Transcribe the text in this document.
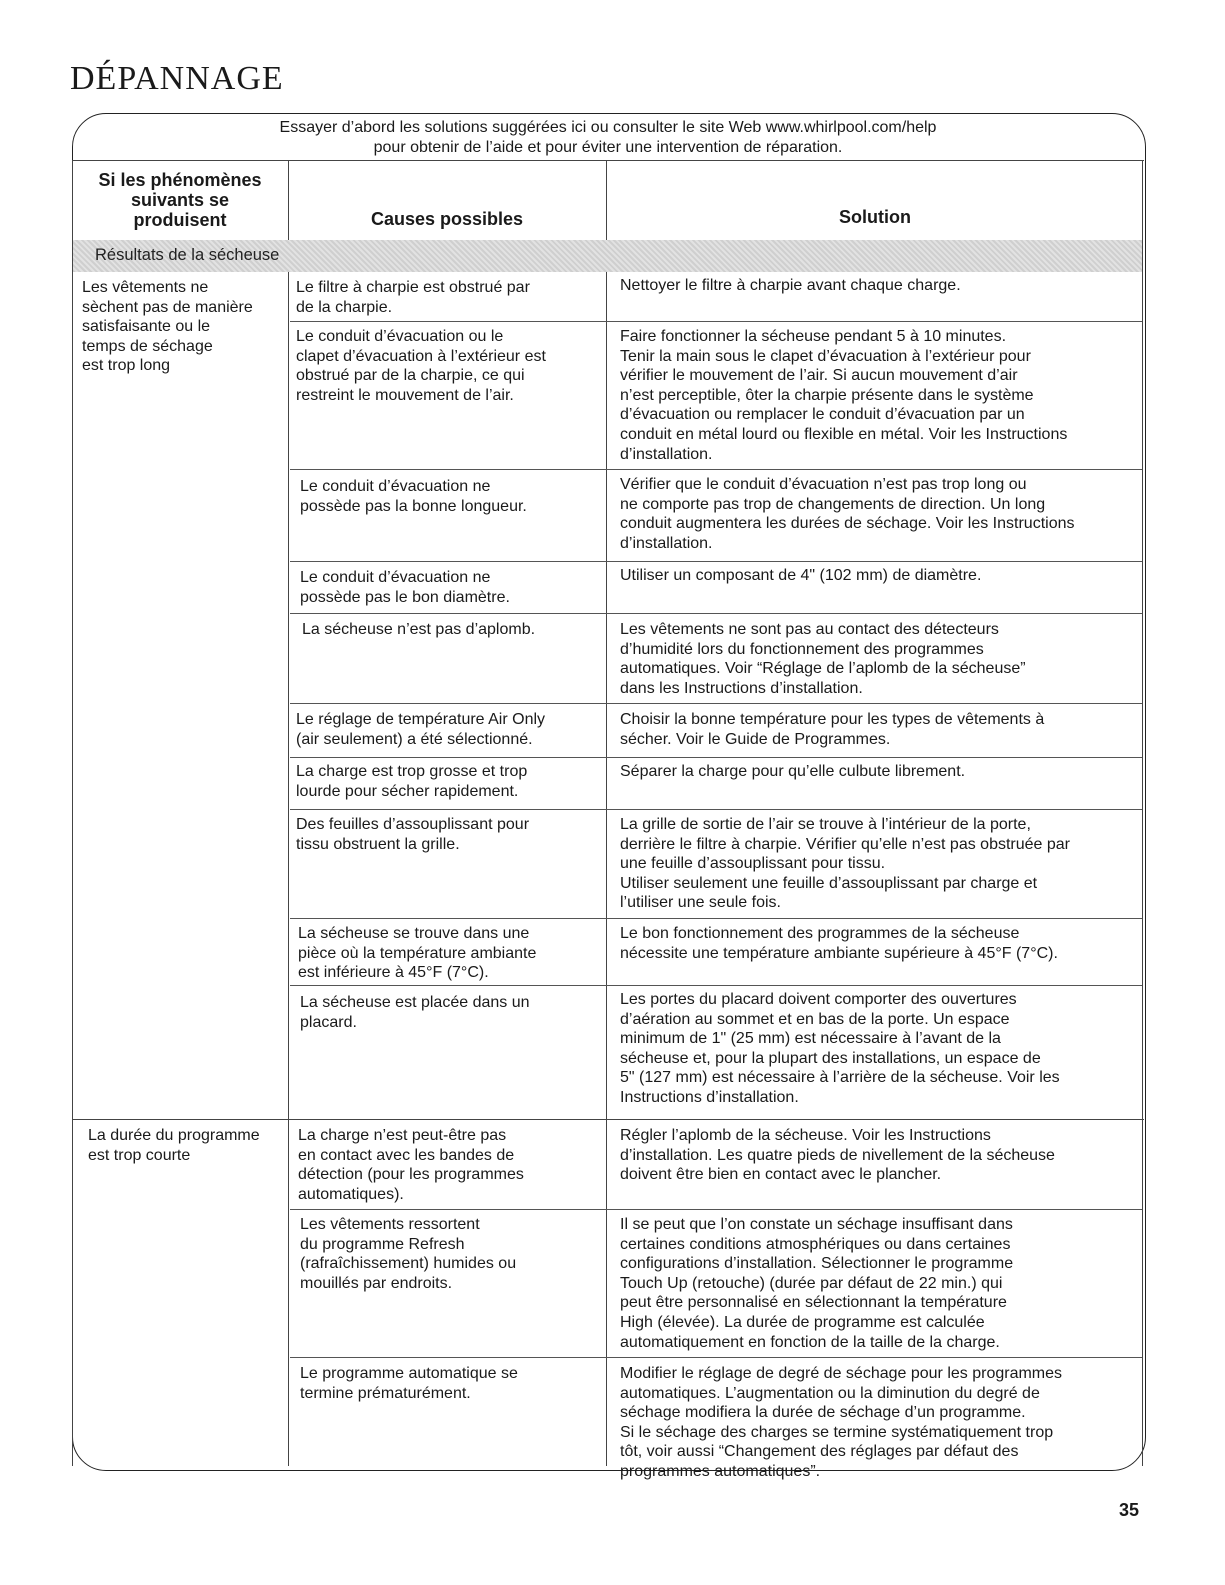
DÉPANNAGE

Essayer d’abord les solutions suggérées ici ou consulter le site Web www.whirlpool.com/help

pour obtenir de l’aide et pour éviter une intervention de réparation.

Si les phénomènes
suivants se
produisent	Causes possibles	Solution
Résultats de la sécheuse
Les vêtements ne
sèchent pas de manière
satisfaisante ou le
temps de séchage
est trop long
La durée du programme
est trop courte
Le filtre à charpie est obstrué par
de la charpie.
Le conduit d’évacuation ou le
clapet d’évacuation à l’extérieur est
obstrué par de la charpie, ce qui
restreint le mouvement de l’air.
Le conduit d’évacuation ne
possède pas la bonne longueur.
Le conduit d’évacuation ne
possède pas le bon diamètre.
La sécheuse n’est pas d’aplomb.
Le réglage de température Air Only
(air seulement) a été sélectionné.
La charge est trop grosse et trop
lourde pour sécher rapidement.
Des feuilles d’assouplissant pour
tissu obstruent la grille.
La sécheuse se trouve dans une
pièce où la température ambiante
est inférieure à 45°F (7°C).
La sécheuse est placée dans un
placard.
La charge n’est peut-être pas
en contact avec les bandes de
détection (pour les programmes
automatiques).
Les vêtements ressortent
du programme Refresh
(rafraîchissement) humides ou
mouillés par endroits.
Le programme automatique se
termine prématurément.
Nettoyer le filtre à charpie avant chaque charge.
Faire fonctionner la sécheuse pendant 5 à 10 minutes.
Tenir la main sous le clapet d’évacuation à l’extérieur pour
vérifier le mouvement de l’air. Si aucun mouvement d’air
n’est perceptible, ôter la charpie présente dans le système
d’évacuation ou remplacer le conduit d’évacuation par un
conduit en métal lourd ou flexible en métal. Voir les Instructions
d’installation.
Vérifier que le conduit d’évacuation n’est pas trop long ou
ne comporte pas trop de changements de direction. Un long
conduit augmentera les durées de séchage. Voir les Instructions
d’installation.
Utiliser un composant de 4" (102 mm) de diamètre.
Les vêtements ne sont pas au contact des détecteurs
d’humidité lors du fonctionnement des programmes
automatiques. Voir “Réglage de l’aplomb de la sécheuse”
dans les Instructions d’installation.
Choisir la bonne température pour les types de vêtements à
sécher. Voir le Guide de Programmes.
Séparer la charge pour qu’elle culbute librement.
La grille de sortie de l’air se trouve à l’intérieur de la porte,
derrière le filtre à charpie. Vérifier qu’elle n’est pas obstruée par
une feuille d’assouplissant pour tissu.
Utiliser seulement une feuille d’assouplissant par charge et
l’utiliser une seule fois.
Le bon fonctionnement des programmes de la sécheuse
nécessite une température ambiante supérieure à 45°F (7°C).
Les portes du placard doivent comporter des ouvertures
d’aération au sommet et en bas de la porte. Un espace
minimum de 1" (25 mm) est nécessaire à l’avant de la
sécheuse et, pour la plupart des installations, un espace de
5" (127 mm) est nécessaire à l’arrière de la sécheuse. Voir les
Instructions d’installation.
Régler l’aplomb de la sécheuse. Voir les Instructions
d’installation. Les quatre pieds de nivellement de la sécheuse
doivent être bien en contact avec le plancher.
Il se peut que l’on constate un séchage insuffisant dans
certaines conditions atmosphériques ou dans certaines
configurations d’installation. Sélectionner le programme
Touch Up (retouche) (durée par défaut de 22 min.) qui
peut être personnalisé en sélectionnant la température
High (élevée). La durée de programme est calculée
automatiquement en fonction de la taille de la charge.
Modifier le réglage de degré de séchage pour les programmes
automatiques. L’augmentation ou la diminution du degré de
séchage modifiera la durée de séchage d’un programme.
Si le séchage des charges se termine systématiquement trop
tôt, voir aussi “Changement des réglages par défaut des
programmes automatiques”.
35
